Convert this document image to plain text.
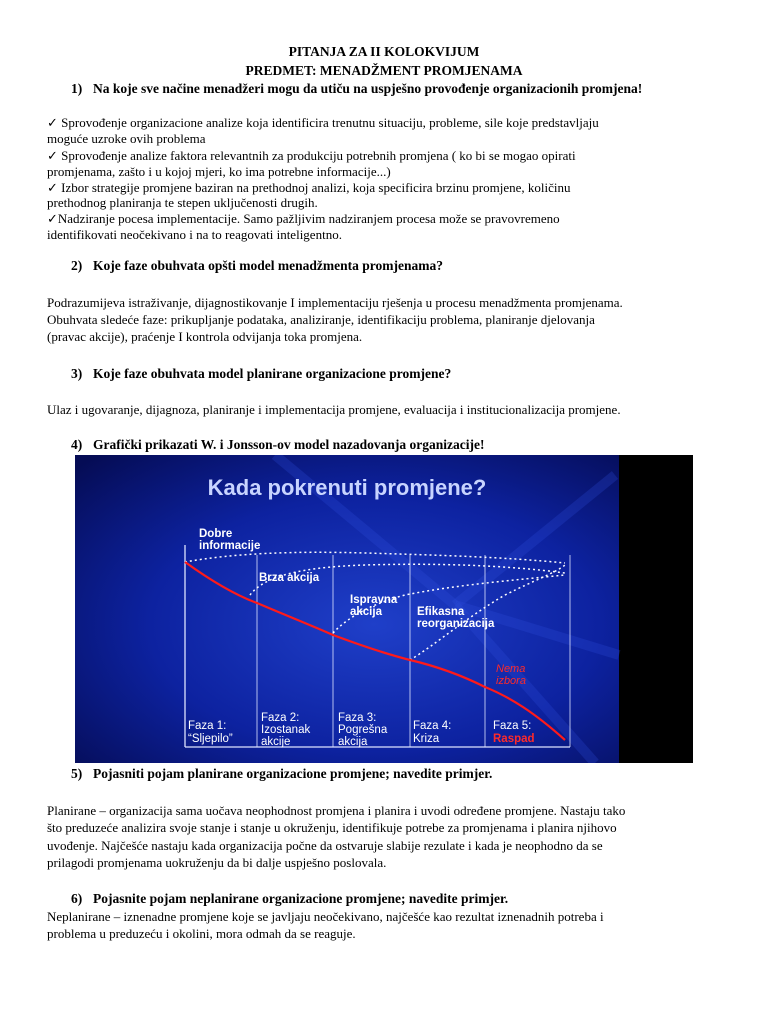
PITANJA ZA II KOLOKVIJUM
PREDMET: MENADŽMENT PROMJENAMA
1) Na koje sve načine menadžeri mogu da utiču na uspješno provođenje organizacionih promjena!
✓ Sprovođenje organizacione analize koja identificira trenutnu situaciju, probleme, sile koje predstavljaju
moguće uzroke ovih problema
✓ Sprovođenje analize faktora relevantnih za produkciju potrebnih promjena ( ko bi se mogao opirati
promjenama, zašto i u kojoj mjeri, ko ima potrebne informacije...)
✓ Izbor strategije promjene baziran na prethodnoj analizi, koja specificira brzinu promjene, količinu
prethodnog planiranja te stepen uključenosti drugih.
✓Nadziranje pocesa implementacije. Samo pažljivim nadziranjem procesa može se pravovremeno
identifikovati neočekivano i na to reagovati inteligentno.
2) Koje faze obuhvata opšti model menadžmenta promjenama?
Podrazumijeva istraživanje, dijagnostikovanje I implementaciju rješenja u procesu menadžmenta promjenama.
Obuhvata sledeće faze: prikupljanje podataka, analiziranje, identifikaciju problema, planiranje djelovanja
(pravac akcije), praćenje I kontrola odvijanja toka promjena.
3) Koje faze obuhvata model planirane organizacione promjene?
Ulaz i ugovaranje, dijagnoza, planiranje i implementacija promjene, evaluacija i institucionalizacija promjene.
4) Grafički prikazati W. i Jonsson-ov model nazadovanja organizacije!
Kada pokrenuti promjene?
Dobre
informacije
Brza akcija
Ispravna
akcija	Efikasna
reorganizacija
Nema
izbora
Faza 1:
“Sljepilo”
Faza 2:
Izostanak
akcije
Faza 3:
Pogrešna
akcija
Faza 4:
Kriza
Faza 5:
Raspad
5) Pojasniti pojam planirane organizacione promjene; navedite primjer.
Planirane – organizacija sama uočava neophodnost promjena i planira i uvodi određene promjene. Nastaju tako
što preduzeće analizira svoje stanje i stanje u okruženju, identifikuje potrebe za promjenama i planira njihovo
uvođenje. Najčešće nastaju kada organizacija počne da ostvaruje slabije rezulate i kada je neophodno da se
prilagodi promjenama uokruženju da bi dalje uspješno poslovala.
6) Pojasnite pojam neplanirane organizacione promjene; navedite primjer.
Neplanirane – iznenadne promjene koje se javljaju neočekivano, najčešće kao rezultat iznenadnih potreba i
problema u preduzeću i okolini, mora odmah da se reaguje.
